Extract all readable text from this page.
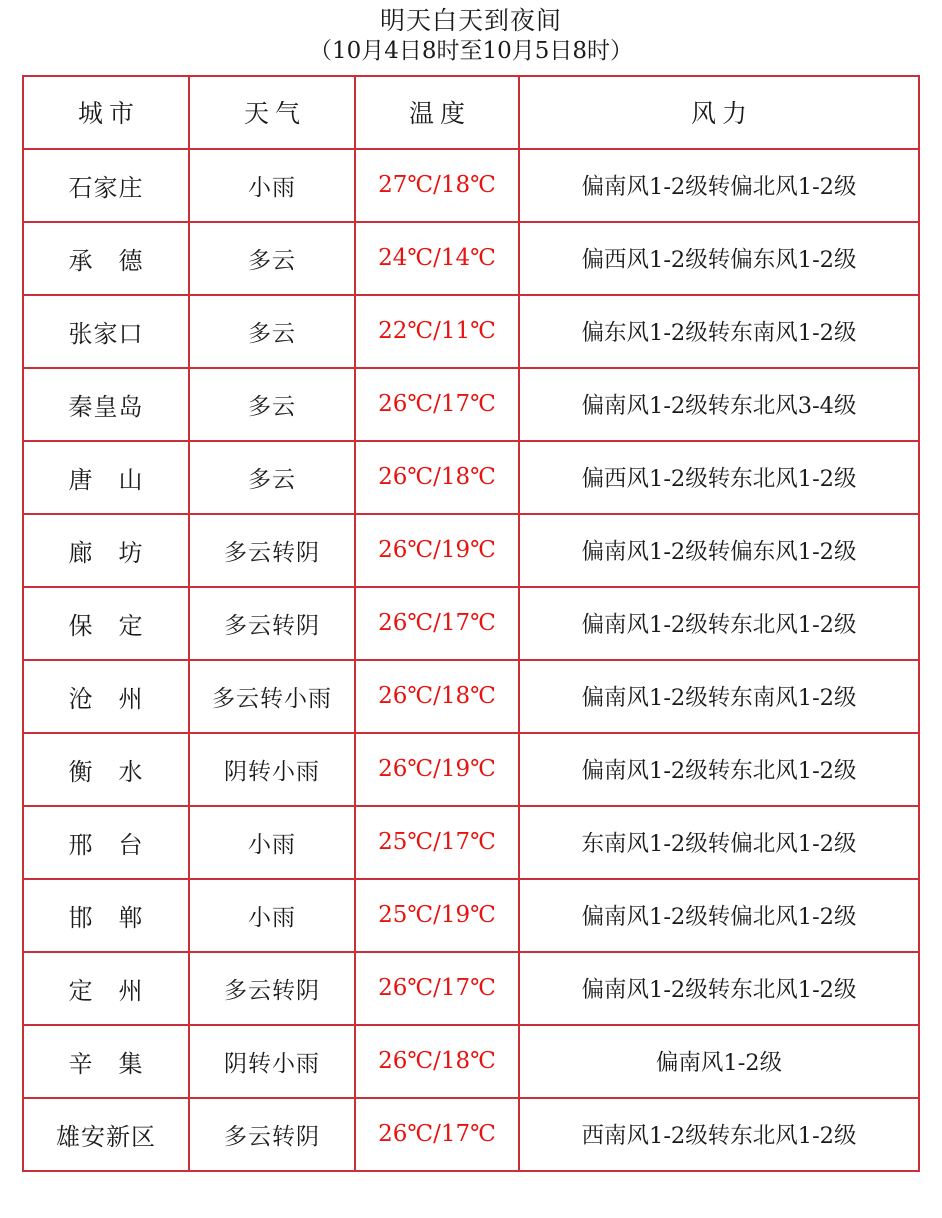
明天白天到夜间
（10月4日8时至10月5日8时）
城市	天气	温度	风力
石家庄	小雨	27℃/18℃	偏南风1-2级转偏北风1-2级
承　德	多云	24℃/14℃	偏西风1-2级转偏东风1-2级
张家口	多云	22℃/11℃	偏东风1-2级转东南风1-2级
秦皇岛	多云	26℃/17℃	偏南风1-2级转东北风3-4级
唐　山	多云	26℃/18℃	偏西风1-2级转东北风1-2级
廊　坊	多云转阴	26℃/19℃	偏南风1-2级转偏东风1-2级
保　定	多云转阴	26℃/17℃	偏南风1-2级转东北风1-2级
沧　州	多云转小雨	26℃/18℃	偏南风1-2级转东南风1-2级
衡　水	阴转小雨	26℃/19℃	偏南风1-2级转东北风1-2级
邢　台	小雨	25℃/17℃	东南风1-2级转偏北风1-2级
邯　郸	小雨	25℃/19℃	偏南风1-2级转偏北风1-2级
定　州	多云转阴	26℃/17℃	偏南风1-2级转东北风1-2级
辛　集	阴转小雨	26℃/18℃	偏南风1-2级
雄安新区	多云转阴	26℃/17℃	西南风1-2级转东北风1-2级
